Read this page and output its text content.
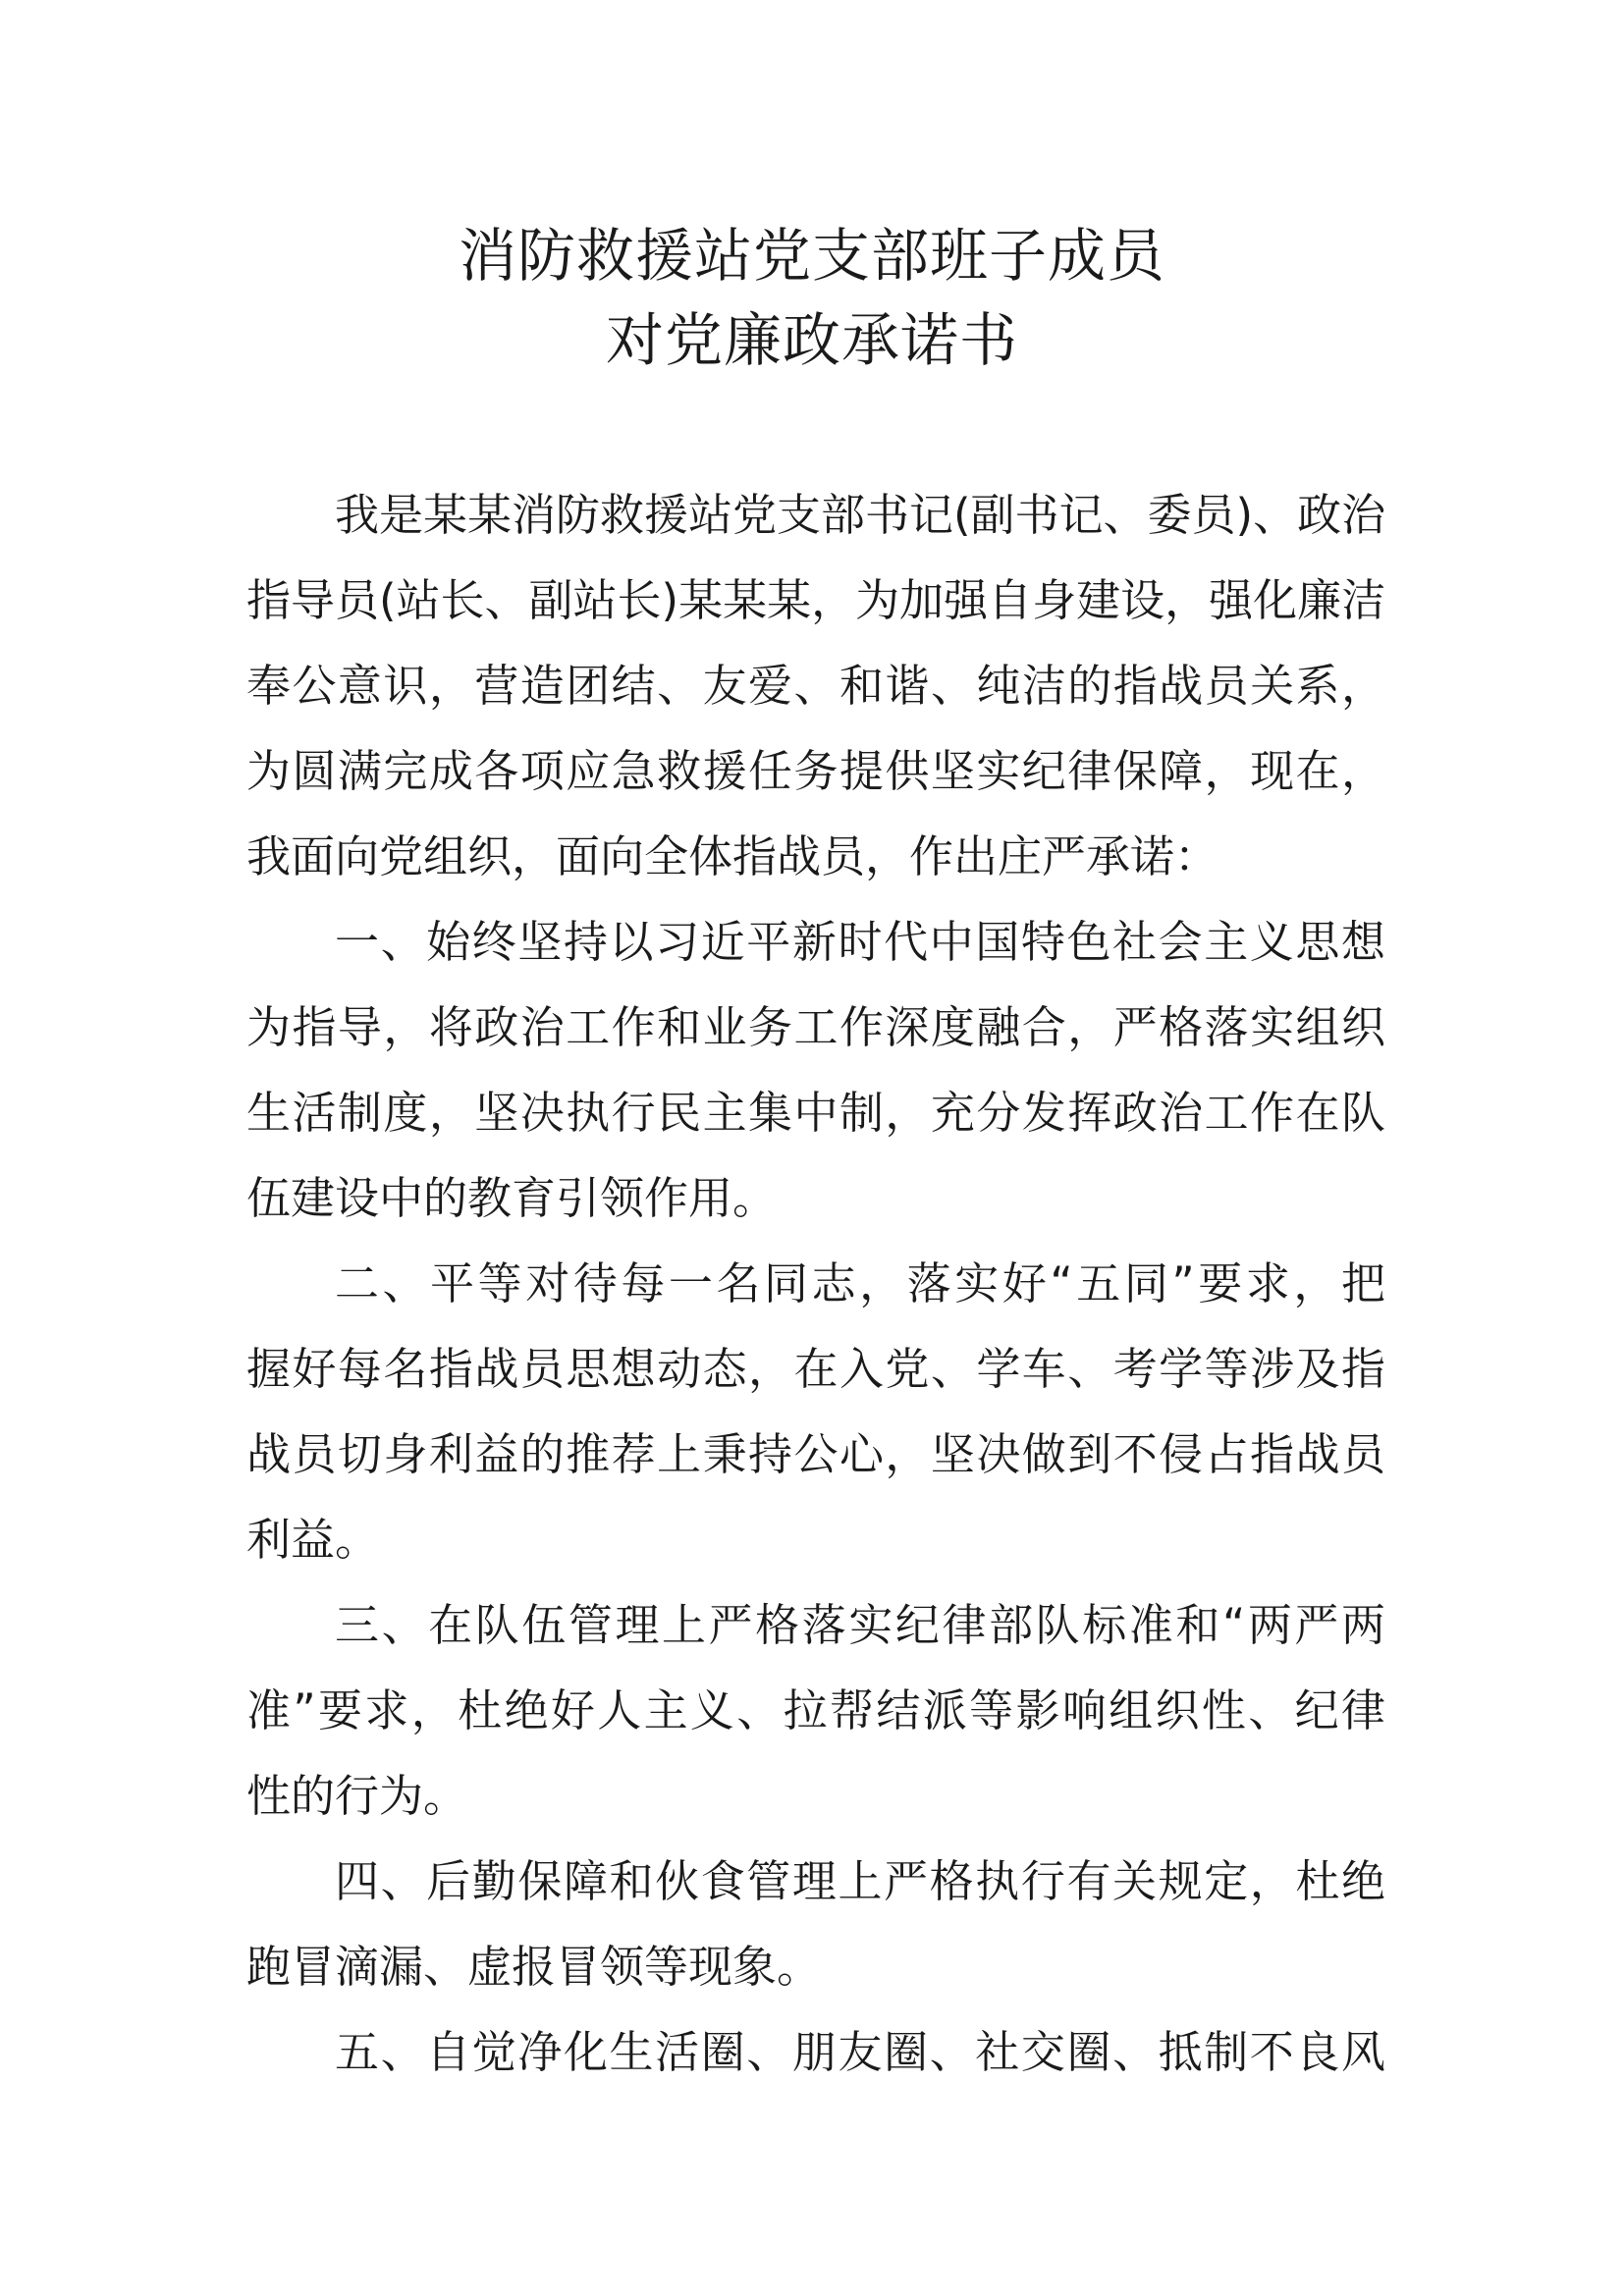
消防救援站党支部班子成员
对党廉政承诺书
我是某某消防救援站党支部书记(副书记、委员)、政治
指导员(站长、副站长)某某某，为加强自身建设，强化廉洁
奉公意识，营造团结、友爱、和谐、纯洁的指战员关系，
为圆满完成各项应急救援任务提供坚实纪律保障，现在，
我面向党组织，面向全体指战员，作出庄严承诺：
一、始终坚持以习近平新时代中国特色社会主义思想
为指导，将政治工作和业务工作深度融合，严格落实组织
生活制度，坚决执行民主集中制，充分发挥政治工作在队
伍建设中的教育引领作用。
二、平等对待每一名同志，落实好“五同”要求，把
握好每名指战员思想动态，在入党、学车、考学等涉及指
战员切身利益的推荐上秉持公心，坚决做到不侵占指战员
利益。
三、在队伍管理上严格落实纪律部队标准和“两严两
准”要求，杜绝好人主义、拉帮结派等影响组织性、纪律
性的行为。
四、后勤保障和伙食管理上严格执行有关规定，杜绝
跑冒滴漏、虚报冒领等现象。
五、自觉净化生活圈、朋友圈、社交圈、抵制不良风
